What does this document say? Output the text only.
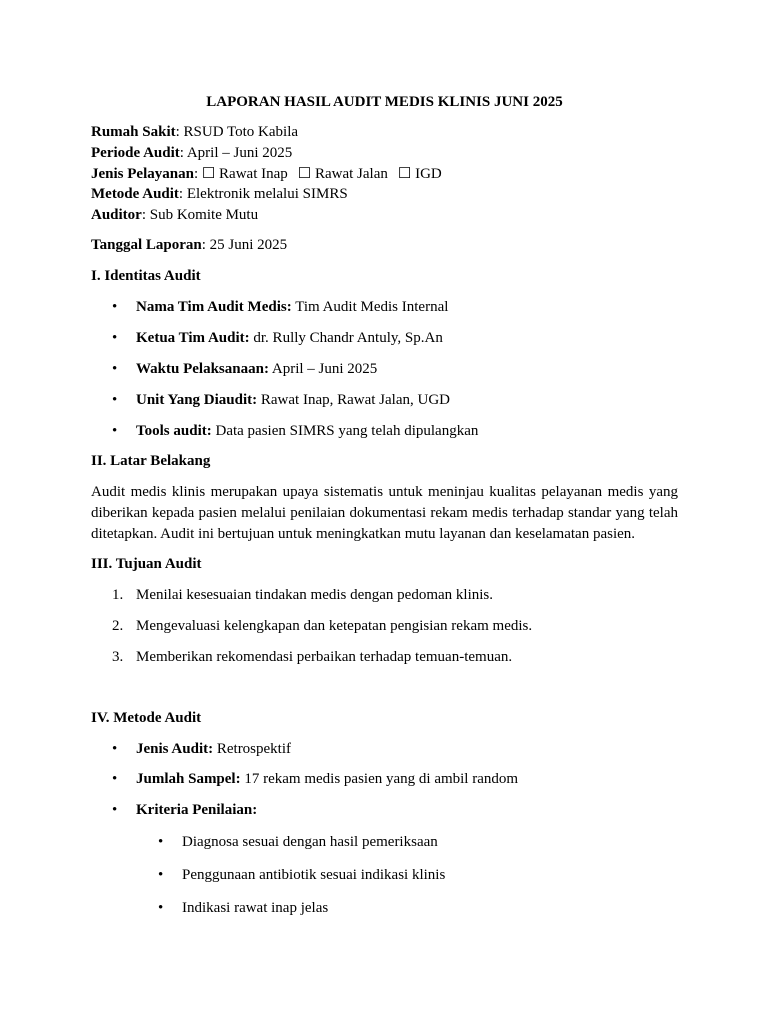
LAPORAN HASIL AUDIT MEDIS KLINIS JUNI 2025
Rumah Sakit: RSUD Toto Kabila
Periode Audit: April – Juni 2025
Jenis Pelayanan: ☐ Rawat Inap ☐ Rawat Jalan ☐ IGD
Metode Audit: Elektronik melalui SIMRS
Auditor: Sub Komite Mutu
Tanggal Laporan: 25 Juni 2025
I. Identitas Audit
• Nama Tim Audit Medis: Tim Audit Medis Internal
• Ketua Tim Audit: dr. Rully Chandr Antuly, Sp.An
• Waktu Pelaksanaan: April – Juni 2025
• Unit Yang Diaudit: Rawat Inap, Rawat Jalan, UGD
• Tools audit: Data pasien SIMRS yang telah dipulangkan
II. Latar Belakang
Audit medis klinis merupakan upaya sistematis untuk meninjau kualitas pelayanan medis yang diberikan kepada pasien melalui penilaian dokumentasi rekam medis terhadap standar yang telah ditetapkan. Audit ini bertujuan untuk meningkatkan mutu layanan dan keselamatan pasien.
III. Tujuan Audit
1. Menilai kesesuaian tindakan medis dengan pedoman klinis.
2. Mengevaluasi kelengkapan dan ketepatan pengisian rekam medis.
3. Memberikan rekomendasi perbaikan terhadap temuan-temuan.
IV. Metode Audit
• Jenis Audit: Retrospektif
• Jumlah Sampel: 17 rekam medis pasien yang di ambil random
• Kriteria Penilaian:
• Diagnosa sesuai dengan hasil pemeriksaan
• Penggunaan antibiotik sesuai indikasi klinis
• Indikasi rawat inap jelas
